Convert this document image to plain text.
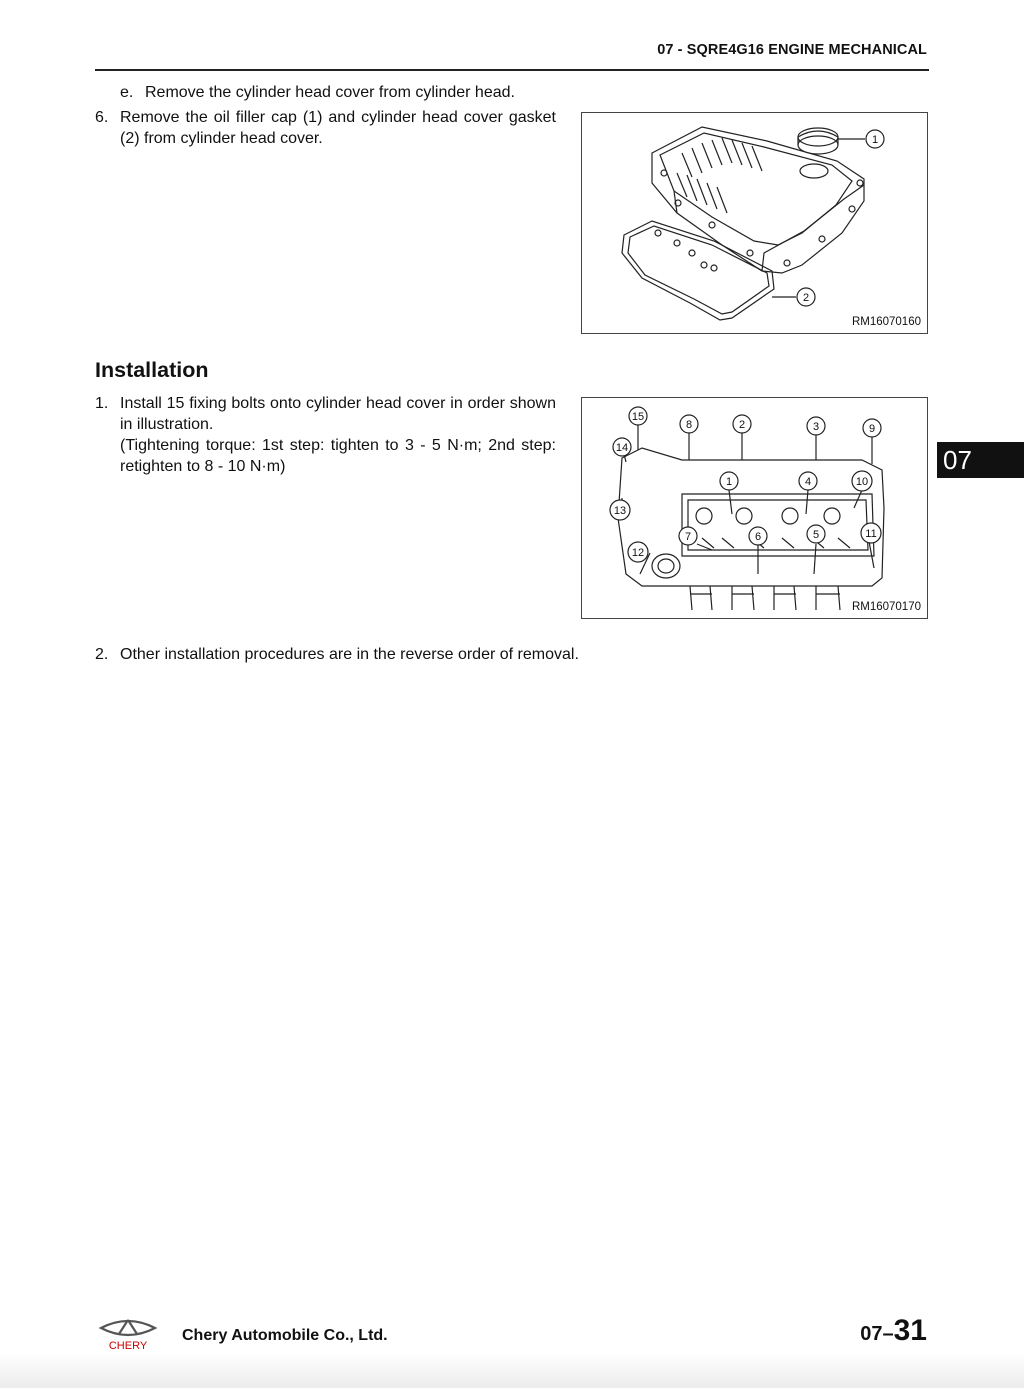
07 - SQRE4G16 ENGINE MECHANICAL
e. Remove the cylinder head cover from cylinder head.
6. Remove the oil filler cap (1) and cylinder head cover gasket (2) from cylinder head cover.	1
2
RM16070160
Installation
1. Install 15 fixing bolts onto cylinder head cover in order shown in illustration.
(Tightening torque: 1st step: tighten to 3 - 5 N·m; 2nd step: retighten to 8 - 10 N·m)
8	2	3	9
15
14
1	4	10
13
7	6	5	11
12
RM16070170
2. Other installation procedures are in the reverse order of removal.
07
CHERY
Chery Automobile Co., Ltd.	07–31
